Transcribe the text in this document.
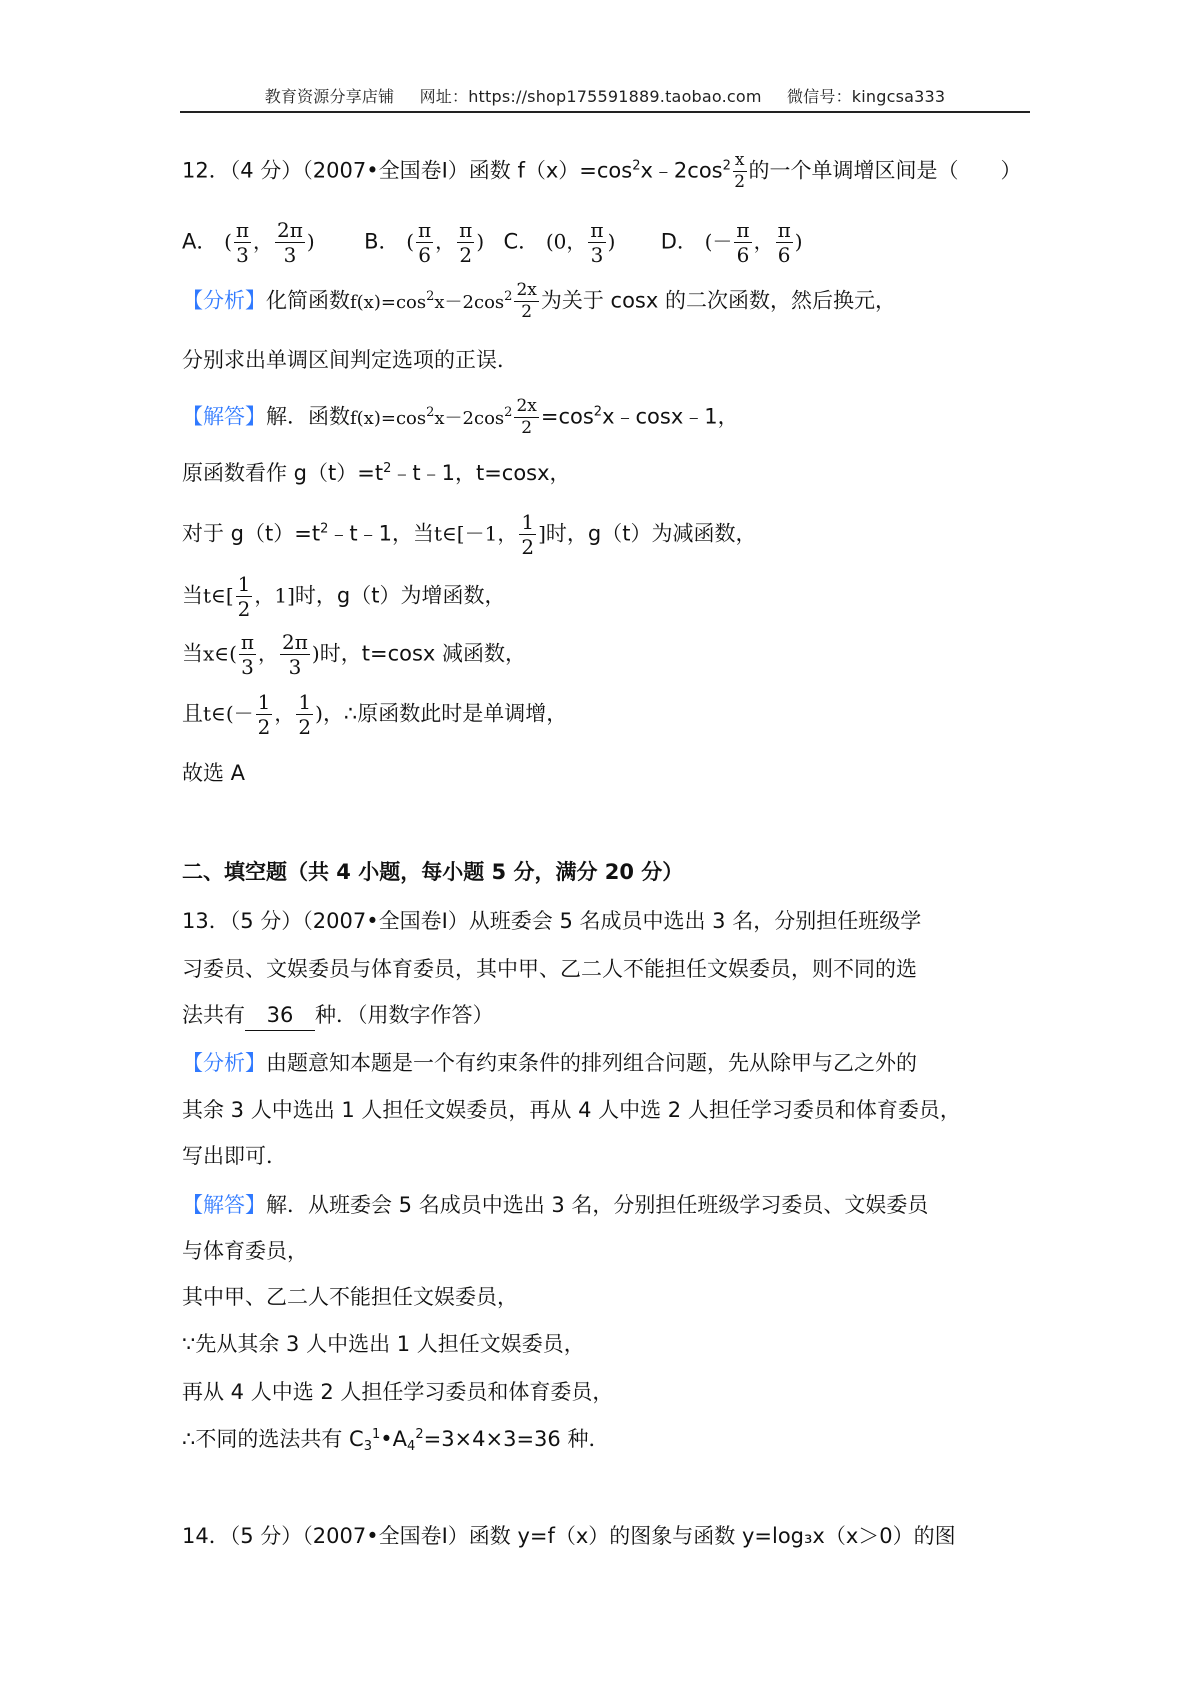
教育资源分享店铺 网址：https://shop175591889.taobao.com 微信号：kingcsa333
12．（4 分）（2007•全国卷Ⅰ）函数 $f(x)=\cos^2x﹣2\cos^2 \frac{x}{2}$ 的一个单调增区间是（　　）
A． ( $\frac{\pi}{3}$ ， $\frac{2\pi}{3}$ ) B． ( $\frac{\pi}{6}$ ， $\frac{\pi}{2}$ ) C． (0， $\frac{\pi}{3}$ ) D． (－ $\frac{\pi}{6}$ ， $\frac{\pi}{6}$ )
【分析】化简函数$f(x)=\cos^2x-2\cos^2 \frac{2x}{2}$ 为关于 cosx 的二次函数，然后换元，
分别求出单调区间判定选项的正误．
【解答】解．函数$f(x)=\cos^2x-2\cos^2 \frac{2x}{2}$ $=\cos^2x﹣\cos x﹣1$，
原函数看作 $g(t)=t^2﹣t﹣1$，t=cosx，
对于 $g(t)=t^2﹣t﹣1$，当t∈[－1， $\frac{1}{2}$ ]时，g（t）为减函数，
当t∈[ $\frac{1}{2}$ ，1]时，g（t）为增函数，
当x∈( $\frac{\pi}{3}$ ， $\frac{2\pi}{3}$ )时，t=cosx 减函数，
且t∈(－ $\frac{1}{2}$ ， $\frac{1}{2}$ )，∴原函数此时是单调增，
故选 A
二、填空题（共 4 小题，每小题 5 分，满分 20 分）
13．（5 分）（2007•全国卷Ⅰ）从班委会 5 名成员中选出 3 名，分别担任班级学
习委员、文娱委员与体育委员，其中甲、乙二人不能担任文娱委员，则不同的选
法共有 36 种．（用数字作答）
【分析】由题意知本题是一个有约束条件的排列组合问题，先从除甲与乙之外的
其余 3 人中选出 1 人担任文娱委员，再从 4 人中选 2 人担任学习委员和体育委员，
写出即可．
【解答】解．从班委会 5 名成员中选出 3 名，分别担任班级学习委员、文娱委员
与体育委员，
其中甲、乙二人不能担任文娱委员，
∵先从其余 3 人中选出 1 人担任文娱委员，
再从 4 人中选 2 人担任学习委员和体育委员，
∴不同的选法共有 $C_3^1•A_4^2=3\times 4\times 3=36$ 种．
14．（5 分）（2007•全国卷Ⅰ）函数 y=f（x）的图象与函数 y=log₃x（x＞0）的图
